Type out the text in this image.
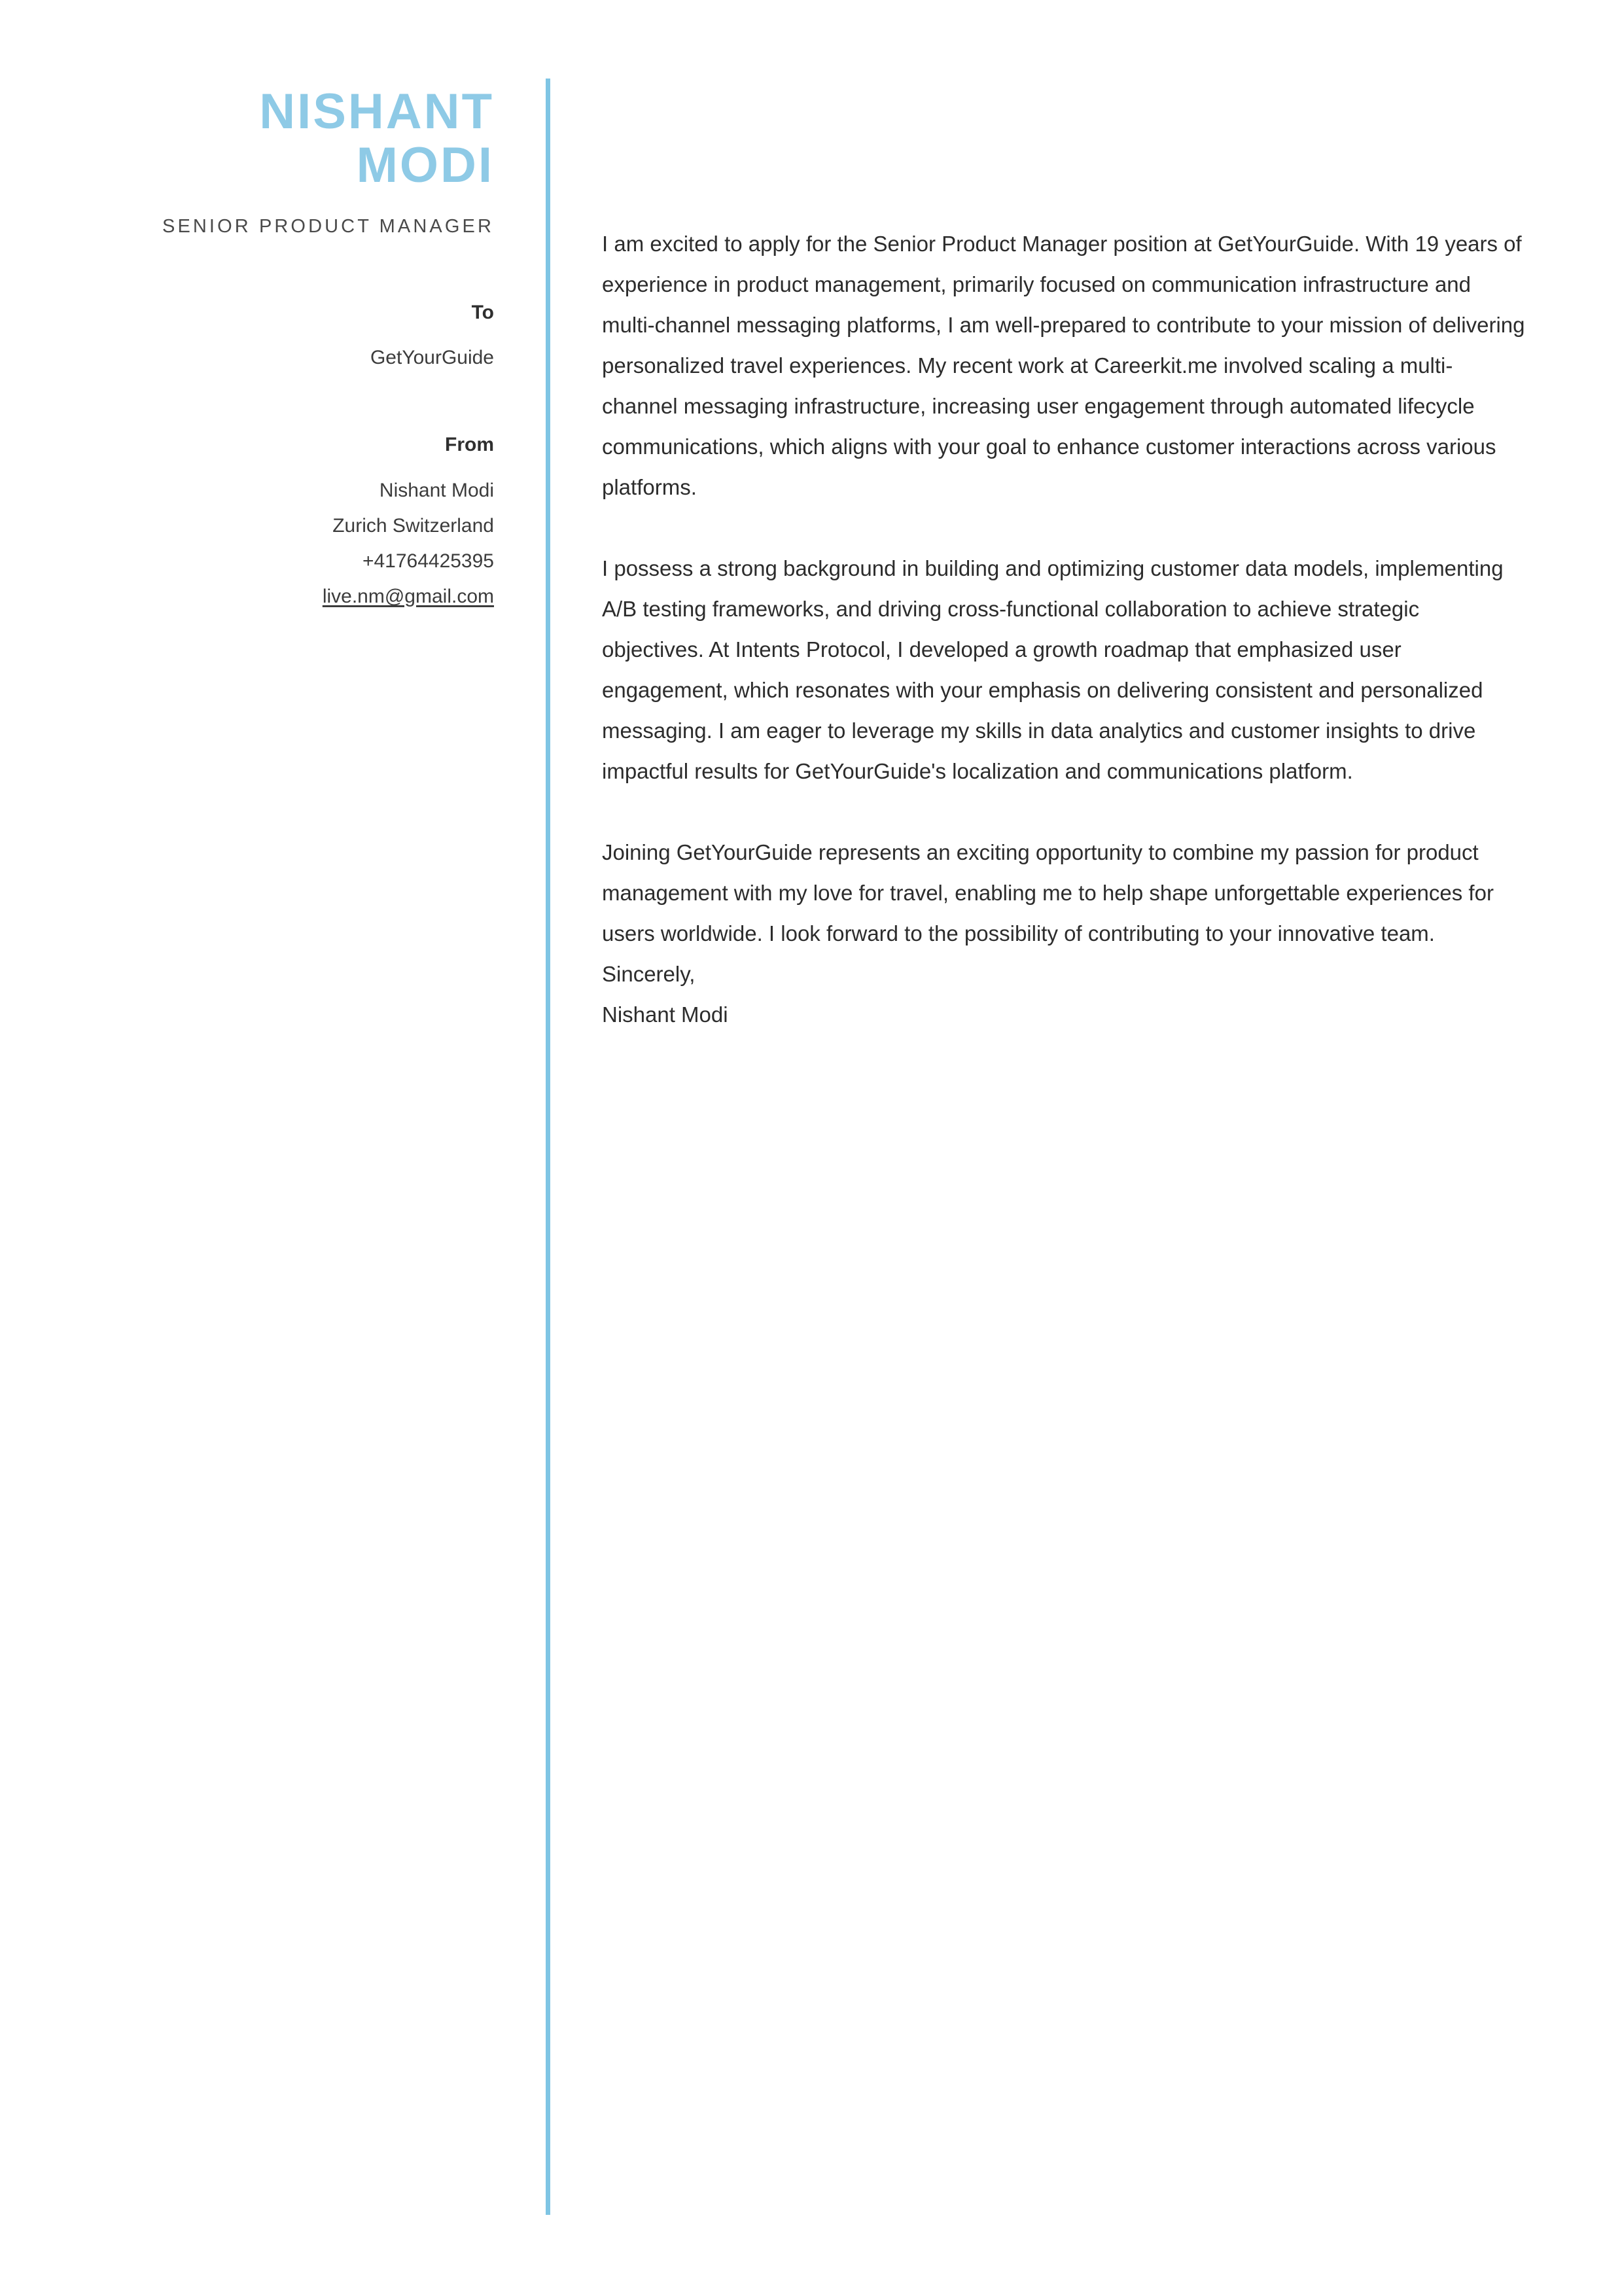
NISHANT
MODI
SENIOR PRODUCT MANAGER
To
GetYourGuide
From
Nishant Modi
Zurich Switzerland
+41764425395
live.nm@gmail.com

I am excited to apply for the Senior Product Manager position at GetYourGuide. With 19 years of experience in product management, primarily focused on communication infrastructure and multi-channel messaging platforms, I am well-prepared to contribute to your mission of delivering personalized travel experiences. My recent work at Careerkit.me involved scaling a multi-channel messaging infrastructure, increasing user engagement through automated lifecycle communications, which aligns with your goal to enhance customer interactions across various platforms.

I possess a strong background in building and optimizing customer data models, implementing A/B testing frameworks, and driving cross-functional collaboration to achieve strategic objectives. At Intents Protocol, I developed a growth roadmap that emphasized user engagement, which resonates with your emphasis on delivering consistent and personalized messaging. I am eager to leverage my skills in data analytics and customer insights to drive impactful results for GetYourGuide's localization and communications platform.

Joining GetYourGuide represents an exciting opportunity to combine my passion for product management with my love for travel, enabling me to help shape unforgettable experiences for users worldwide. I look forward to the possibility of contributing to your innovative team.

Sincerely,
Nishant Modi
